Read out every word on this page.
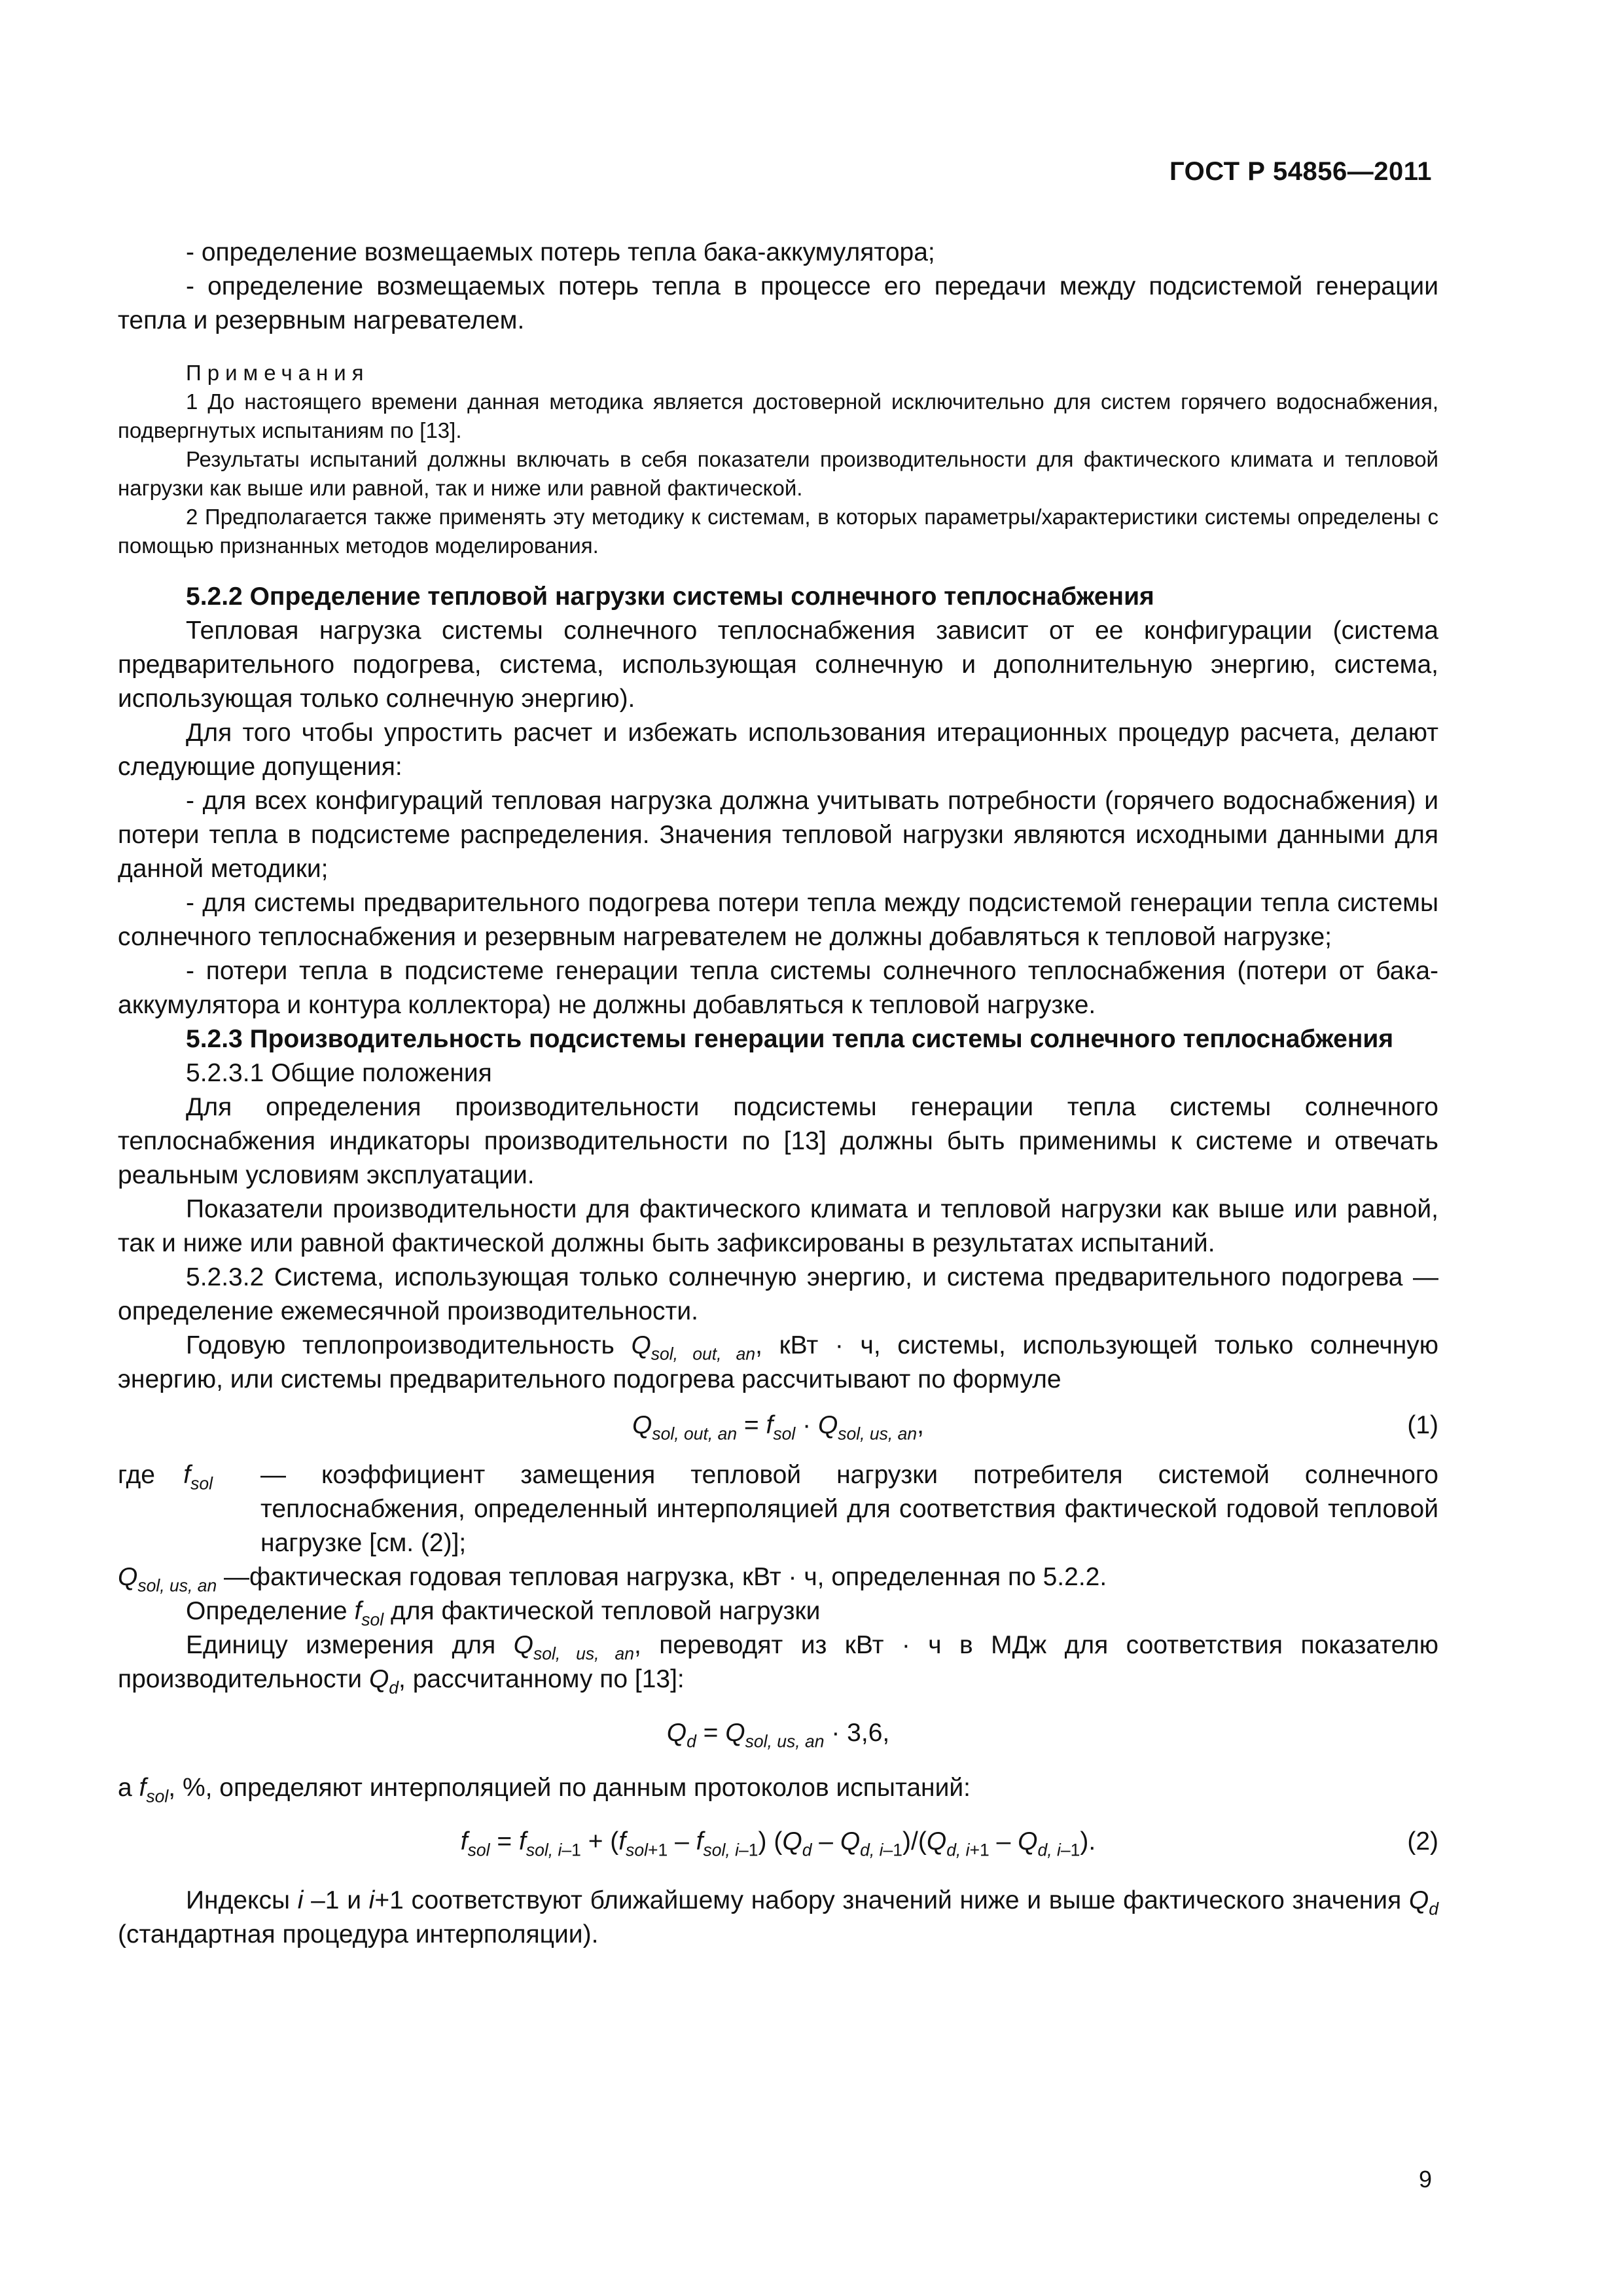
ГОСТ Р 54856—2011

- определение возмещаемых потерь тепла бака-аккумулятора;

- определение возмещаемых потерь тепла в процессе его передачи между подсистемой генерации тепла и резервным нагревателем.

Примечания

1 До настоящего времени данная методика является достоверной исключительно для систем горячего водоснабжения, подвергнутых испытаниям по [13].

Результаты испытаний должны включать в себя показатели производительности для фактического климата и тепловой нагрузки как выше или равной, так и ниже или равной фактической.

2 Предполагается также применять эту методику к системам, в которых параметры/характеристики системы определены с помощью признанных методов моделирования.

5.2.2 Определение тепловой нагрузки системы солнечного теплоснабжения

Тепловая нагрузка системы солнечного теплоснабжения зависит от ее конфигурации (система предварительного подогрева, система, использующая солнечную и дополнительную энергию, система, использующая только солнечную энергию).

Для того чтобы упростить расчет и избежать использования итерационных процедур расчета, делают следующие допущения:

- для всех конфигураций тепловая нагрузка должна учитывать потребности (горячего водоснабжения) и потери тепла в подсистеме распределения. Значения тепловой нагрузки являются исходными данными для данной методики;

- для системы предварительного подогрева потери тепла между подсистемой генерации тепла системы солнечного теплоснабжения и резервным нагревателем не должны добавляться к тепловой нагрузке;

- потери тепла в подсистеме генерации тепла системы солнечного теплоснабжения (потери от бака-аккумулятора и контура коллектора) не должны добавляться к тепловой нагрузке.

5.2.3 Производительность подсистемы генерации тепла системы солнечного теплоснабжения

5.2.3.1 Общие положения

Для определения производительности подсистемы генерации тепла системы солнечного теплоснабжения индикаторы производительности по [13] должны быть применимы к системе и отвечать реальным условиям эксплуатации.

Показатели производительности для фактического климата и тепловой нагрузки как выше или равной, так и ниже или равной фактической должны быть зафиксированы в результатах испытаний.

5.2.3.2 Система, использующая только солнечную энергию, и система предварительного подогрева — определение ежемесячной производительности.

Годовую теплопроизводительность $Q_{sol, out, an}$, кВт · ч, системы, использующей только солнечную энергию, или системы предварительного подогрева рассчитывают по формуле

$Q_{sol, out, an} = f_{sol} \cdot Q_{sol, us, an}$,	(1)
где $f_{sol}$ — коэффициент замещения тепловой нагрузки потребителя системой солнечного теплоснабжения, определенный интерполяцией для соответствия фактической годовой тепловой нагрузке [см. (2)];

$Q_{sol, us, an}$ —фактическая годовая тепловая нагрузка, кВт · ч, определенная по 5.2.2.

Определение $f_{sol}$ для фактической тепловой нагрузки

Единицу измерения для $Q_{sol, us, an}$, переводят из кВт · ч в МДж для соответствия показателю производительности $Q_d$, рассчитанному по [13]:

$Q_d = Q_{sol, us, an} \cdot 3,6$,

а $f_{sol}$, %, определяют интерполяцией по данным протоколов испытаний:

$f_{sol} = f_{sol, i-1} + (f_{sol+1} - f_{sol, i-1})$ $(Q_d - Q_{d, i-1})/(Q_{d, i+1} - Q_{d, i-1})$.	(2)

Индексы i –1 и i+1 соответствуют ближайшему набору значений ниже и выше фактического значения $Q_d$ (стандартная процедура интерполяции).

9
